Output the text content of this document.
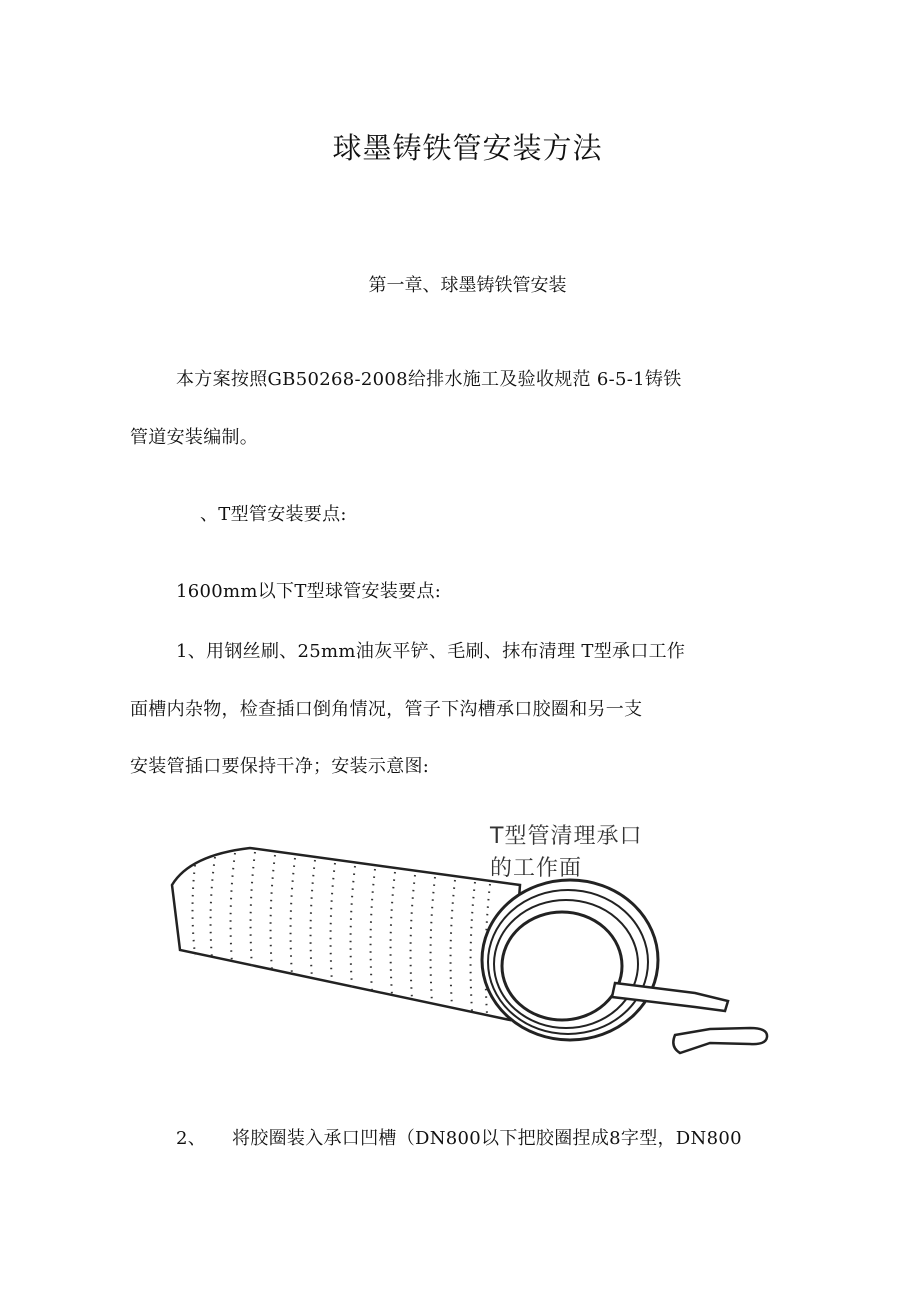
球墨铸铁管安装方法
第一章、球墨铸铁管安装
本方案按照GB50268-2008给排水施工及验收规范 6-5-1铸铁
管道安装编制。
、T型管安装要点:
1600mm以下T型球管安装要点:
1、用钢丝刷、25mm油灰平铲、毛刷、抹布清理 T型承口工作
面槽内杂物，检查插口倒角情况，管子下沟槽承口胶圈和另一支
安装管插口要保持干净；安装示意图:
T型管清理承口
的工作面
2、 将胶圈装入承口凹槽（DN800以下把胶圈捏成8字型，DN800
